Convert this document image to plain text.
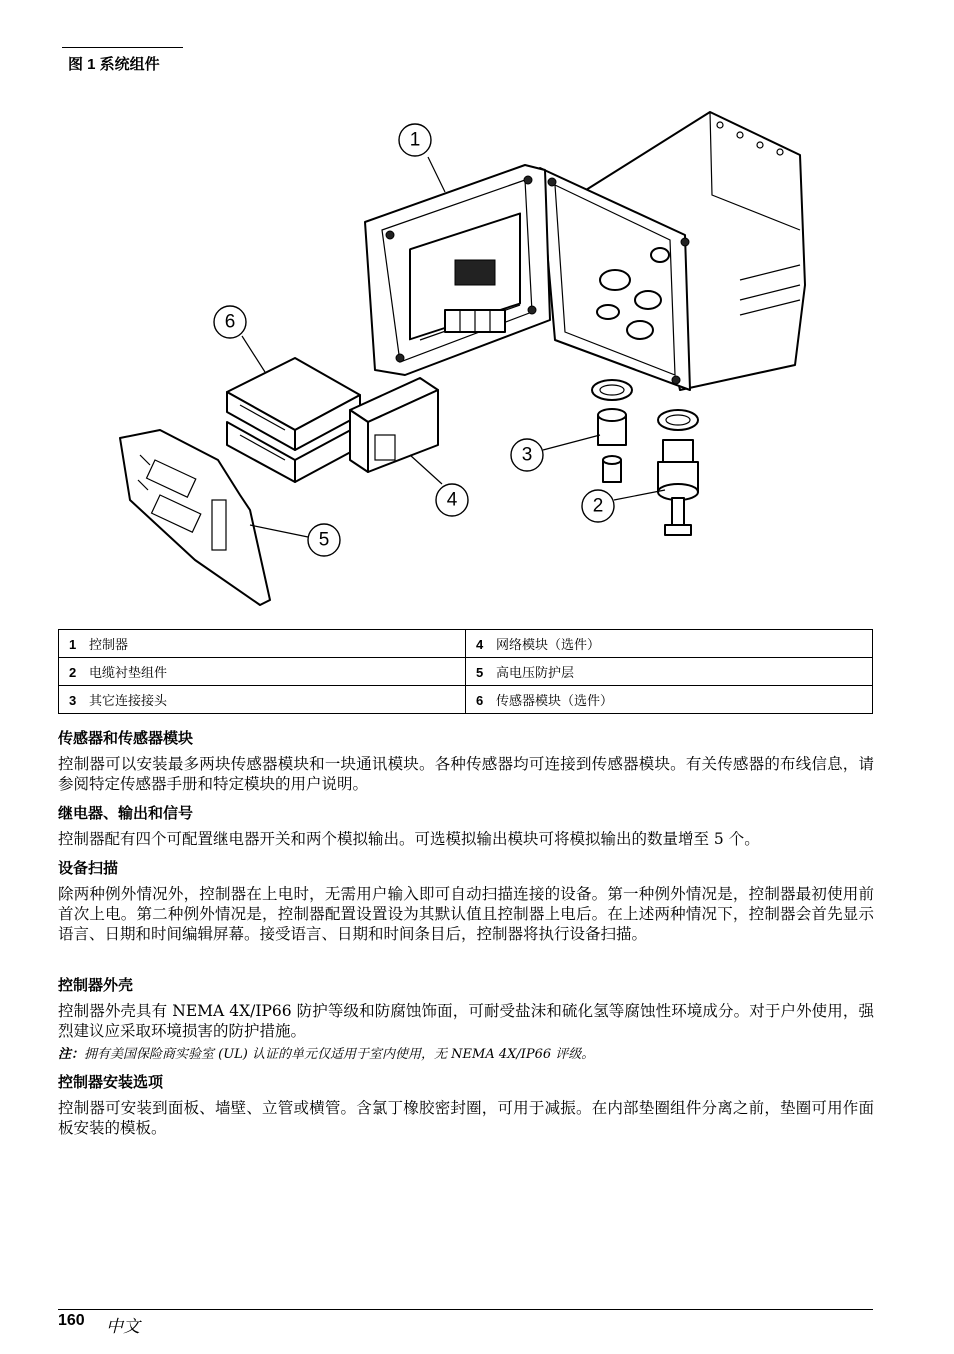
图 1 系统组件
1
2
3
4
5
6
1 控制器	4 网络模块（选件）
2 电缆衬垫组件	5 高电压防护层
3 其它连接接头	6 传感器模块（选件）
传感器和传感器模块
控制器可以安装最多两块传感器模块和一块通讯模块。各种传感器均可连接到传感器模块。有关传感器的布线信息，请参阅特定传感器手册和特定模块的用户说明。
继电器、输出和信号
控制器配有四个可配置继电器开关和两个模拟输出。可选模拟输出模块可将模拟输出的数量增至 5 个。
设备扫描
除两种例外情况外，控制器在上电时，无需用户输入即可自动扫描连接的设备。第一种例外情况是，控制器最初使用前首次上电。第二种例外情况是，控制器配置设置设为其默认值且控制器上电后。在上述两种情况下，控制器会首先显示语言、日期和时间编辑屏幕。接受语言、日期和时间条目后，控制器将执行设备扫描。
控制器外壳
控制器外壳具有 NEMA 4X/IP66 防护等级和防腐蚀饰面，可耐受盐沫和硫化氢等腐蚀性环境成分。对于户外使用，强烈建议应采取环境损害的防护措施。
注：拥有美国保险商实验室 (UL) 认证的单元仅适用于室内使用，无 NEMA 4X/IP66 评级。
控制器安装选项
控制器可安装到面板、墙壁、立管或横管。含氯丁橡胶密封圈，可用于减振。在内部垫圈组件分离之前，垫圈可用作面板安装的模板。
160 中文
